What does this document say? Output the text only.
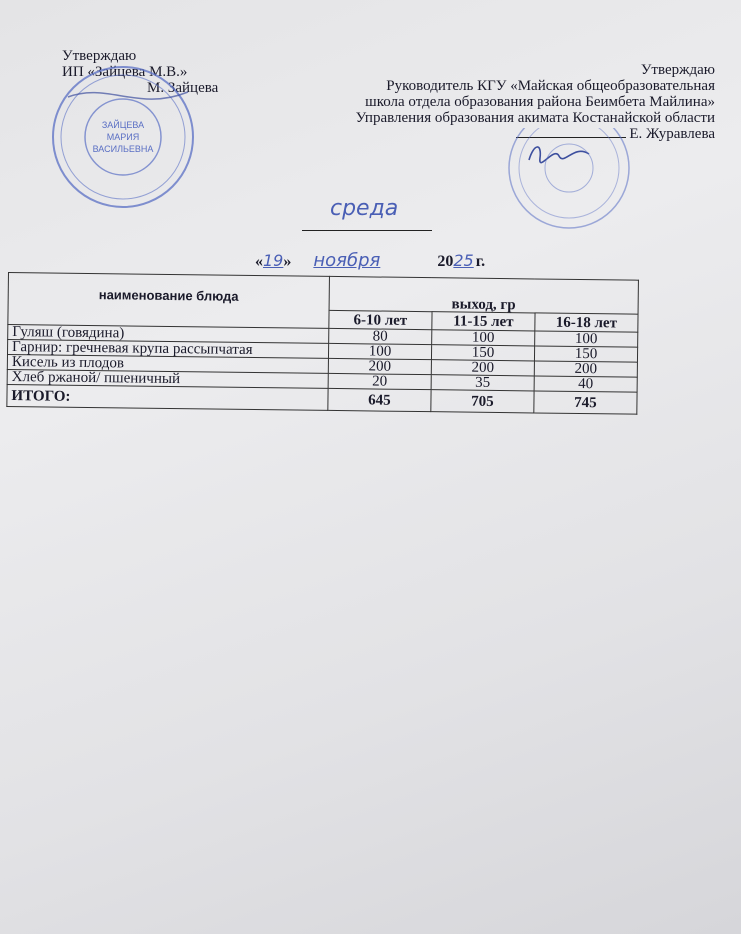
Утверждаю
ИП «Зайцева М.В.»
М. Зайцева
ЗАЙЦЕВА
МАРИЯ
ВАСИЛЬЕВНА
Утверждаю
Руководитель КГУ «Майская общеобразовательная
школа отдела образования района Беимбета Майлина»
Управления образования акимата Костанайской области
Е. Журавлева
среда
«19» ноября	2025 г.
наименование блюда	выход, гр		
	6-10 лет	11-15 лет	16-18 лет
Гуляш (говядина)	80	100	100
Гарнир: гречневая крупа рассыпчатая	100	150	150
Кисель из плодов	200	200	200
Хлеб ржаной/ пшеничный	20	35	40
ИТОГО:	645	705	745
